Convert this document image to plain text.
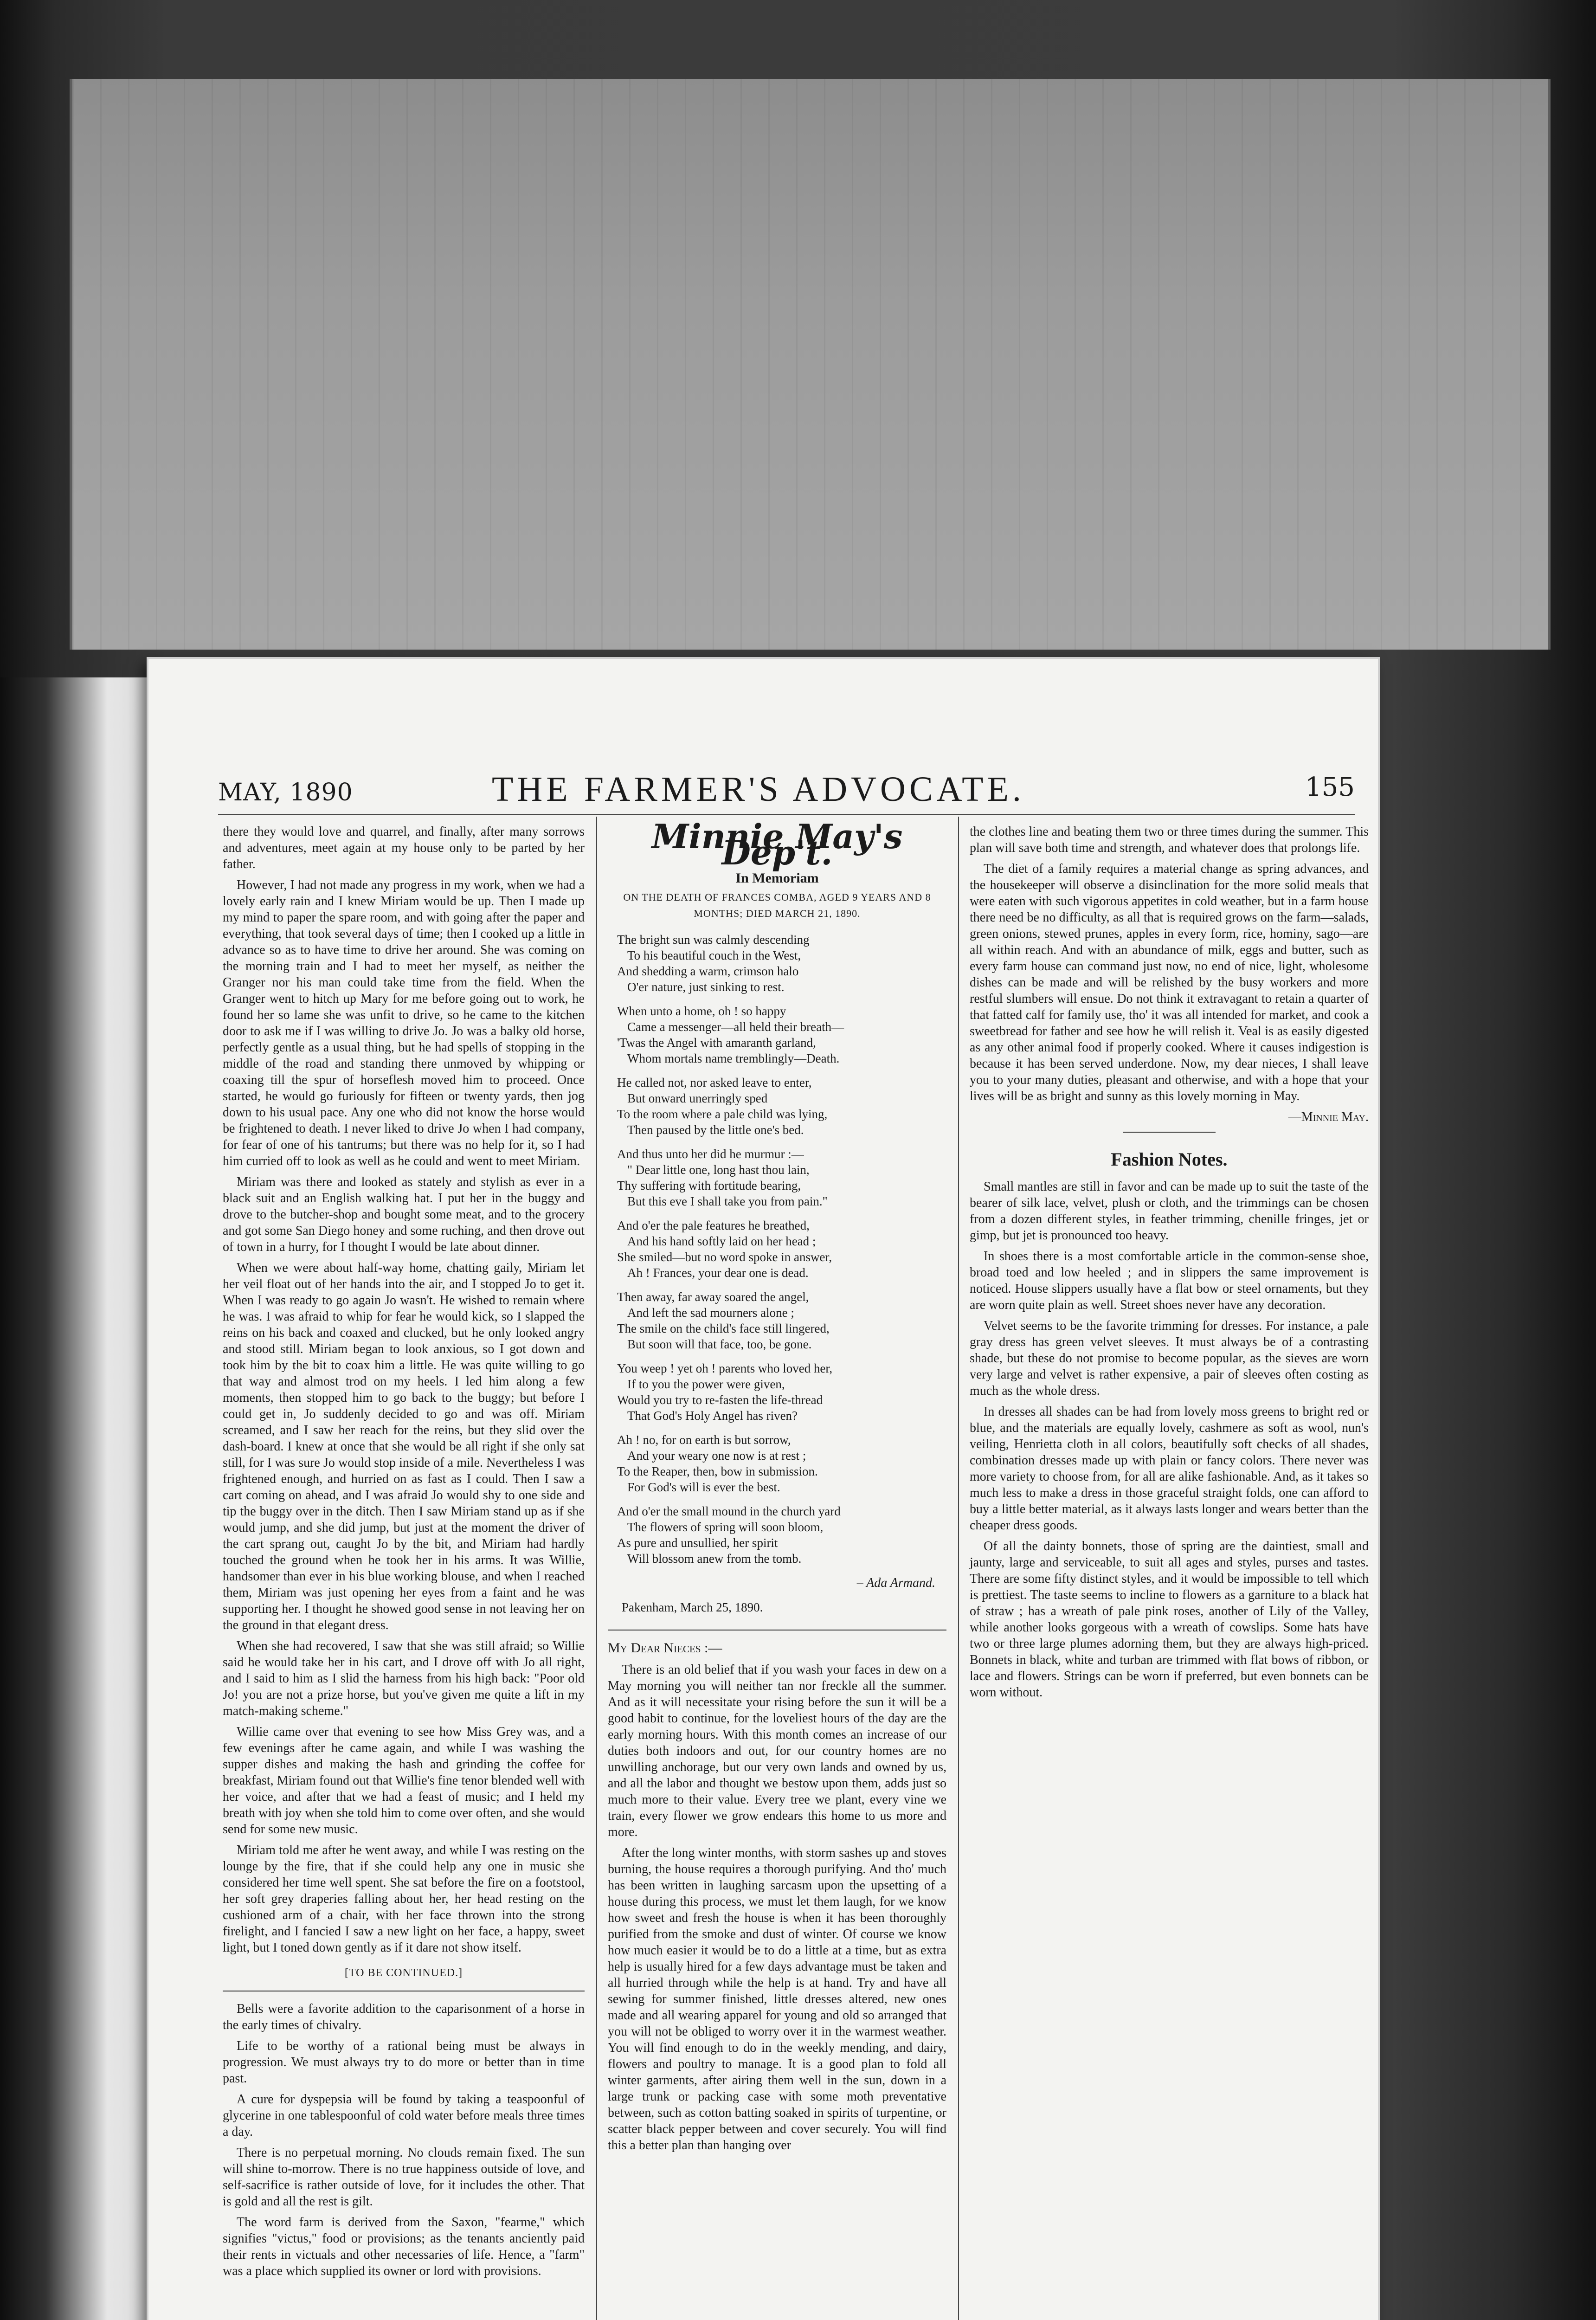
MAY, 1890	THE FARMER'S ADVOCATE.	155

there they would love and quarrel, and finally, after many sorrows and adventures, meet again at my house only to be parted by her father.

However, I had not made any progress in my work, when we had a lovely early rain and I knew Miriam would be up. Then I made up my mind to paper the spare room, and with going after the paper and everything, that took several days of time; then I cooked up a little in advance so as to have time to drive her around. She was coming on the morning train and I had to meet her myself, as neither the Granger nor his man could take time from the field. When the Granger went to hitch up Mary for me before going out to work, he found her so lame she was unfit to drive, so he came to the kitchen door to ask me if I was willing to drive Jo. Jo was a balky old horse, perfectly gentle as a usual thing, but he had spells of stopping in the middle of the road and standing there unmoved by whipping or coaxing till the spur of horseflesh moved him to proceed. Once started, he would go furiously for fifteen or twenty yards, then jog down to his usual pace. Any one who did not know the horse would be frightened to death. I never liked to drive Jo when I had company, for fear of one of his tantrums; but there was no help for it, so I had him curried off to look as well as he could and went to meet Miriam.

Miriam was there and looked as stately and stylish as ever in a black suit and an English walking hat. I put her in the buggy and drove to the butcher-shop and bought some meat, and to the grocery and got some San Diego honey and some ruching, and then drove out of town in a hurry, for I thought I would be late about dinner.

When we were about half-way home, chatting gaily, Miriam let her veil float out of her hands into the air, and I stopped Jo to get it. When I was ready to go again Jo wasn't. He wished to remain where he was. I was afraid to whip for fear he would kick, so I slapped the reins on his back and coaxed and clucked, but he only looked angry and stood still. Miriam began to look anxious, so I got down and took him by the bit to coax him a little. He was quite willing to go that way and almost trod on my heels. I led him along a few moments, then stopped him to go back to the buggy; but before I could get in, Jo suddenly decided to go and was off. Miriam screamed, and I saw her reach for the reins, but they slid over the dash-board. I knew at once that she would be all right if she only sat still, for I was sure Jo would stop inside of a mile. Nevertheless I was frightened enough, and hurried on as fast as I could. Then I saw a cart coming on ahead, and I was afraid Jo would shy to one side and tip the buggy over in the ditch. Then I saw Miriam stand up as if she would jump, and she did jump, but just at the moment the driver of the cart sprang out, caught Jo by the bit, and Miriam had hardly touched the ground when he took her in his arms. It was Willie, handsomer than ever in his blue working blouse, and when I reached them, Miriam was just opening her eyes from a faint and he was supporting her. I thought he showed good sense in not leaving her on the ground in that elegant dress.

When she had recovered, I saw that she was still afraid; so Willie said he would take her in his cart, and I drove off with Jo all right, and I said to him as I slid the harness from his high back: "Poor old Jo! you are not a prize horse, but you've given me quite a lift in my match-making scheme."

Willie came over that evening to see how Miss Grey was, and a few evenings after he came again, and while I was washing the supper dishes and making the hash and grinding the coffee for breakfast, Miriam found out that Willie's fine tenor blended well with her voice, and after that we had a feast of music; and I held my breath with joy when she told him to come over often, and she would send for some new music.

Miriam told me after he went away, and while I was resting on the lounge by the fire, that if she could help any one in music she considered her time well spent. She sat before the fire on a footstool, her soft grey draperies falling about her, her head resting on the cushioned arm of a chair, with her face thrown into the strong firelight, and I fancied I saw a new light on her face, a happy, sweet light, but I toned down gently as if it dare not show itself.

[TO BE CONTINUED.]

Bells were a favorite addition to the caparisonment of a horse in the early times of chivalry.

Life to be worthy of a rational being must be always in progression. We must always try to do more or better than in time past.

A cure for dyspepsia will be found by taking a teaspoonful of glycerine in one tablespoonful of cold water before meals three times a day.

There is no perpetual morning. No clouds remain fixed. The sun will shine to-morrow. There is no true happiness outside of love, and self-sacrifice is rather outside of love, for it includes the other. That is gold and all the rest is gilt.

The word farm is derived from the Saxon, "fearme," which signifies "victus," food or provisions; as the tenants anciently paid their rents in victuals and other necessaries of life. Hence, a "farm" was a place which supplied its owner or lord with provisions.

Minnie May's Dep't.
In Memoriam
ON THE DEATH OF FRANCES COMBA, AGED 9 YEARS AND 8 MONTHS; DIED MARCH 21, 1890.
The bright sun was calmly descending
To his beautiful couch in the West,
And shedding a warm, crimson halo
O'er nature, just sinking to rest.
When unto a home, oh ! so happy
Came a messenger—all held their breath—
'Twas the Angel with amaranth garland,
Whom mortals name tremblingly—Death.
He called not, nor asked leave to enter,
But onward unerringly sped
To the room where a pale child was lying,
Then paused by the little one's bed.
And thus unto her did he murmur :—
" Dear little one, long hast thou lain,
Thy suffering with fortitude bearing,
But this eve I shall take you from pain."
And o'er the pale features he breathed,
And his hand softly laid on her head ;
She smiled—but no word spoke in answer,
Ah ! Frances, your dear one is dead.
Then away, far away soared the angel,
And left the sad mourners alone ;
The smile on the child's face still lingered,
But soon will that face, too, be gone.
You weep ! yet oh ! parents who loved her,
If to you the power were given,
Would you try to re-fasten the life-thread
That God's Holy Angel has riven?
Ah ! no, for on earth is but sorrow,
And your weary one now is at rest ;
To the Reaper, then, bow in submission.
For God's will is ever the best.
And o'er the small mound in the church yard
The flowers of spring will soon bloom,
As pure and unsullied, her spirit
Will blossom anew from the tomb.
– Ada Armand.
Pakenham, March 25, 1890.
My Dear Nieces :—

There is an old belief that if you wash your faces in dew on a May morning you will neither tan nor freckle all the summer. And as it will necessitate your rising before the sun it will be a good habit to continue, for the loveliest hours of the day are the early morning hours. With this month comes an increase of our duties both indoors and out, for our country homes are no unwilling anchorage, but our very own lands and owned by us, and all the labor and thought we bestow upon them, adds just so much more to their value. Every tree we plant, every vine we train, every flower we grow endears this home to us more and more.

After the long winter months, with storm sashes up and stoves burning, the house requires a thorough purifying. And tho' much has been written in laughing sarcasm upon the upsetting of a house during this process, we must let them laugh, for we know how sweet and fresh the house is when it has been thoroughly purified from the smoke and dust of winter. Of course we know how much easier it would be to do a little at a time, but as extra help is usually hired for a few days advantage must be taken and all hurried through while the help is at hand. Try and have all sewing for summer finished, little dresses altered, new ones made and all wearing apparel for young and old so arranged that you will not be obliged to worry over it in the warmest weather. You will find enough to do in the weekly mending, and dairy, flowers and poultry to manage. It is a good plan to fold all winter garments, after airing them well in the sun, down in a large trunk or packing case with some moth preventative between, such as cotton batting soaked in spirits of turpentine, or scatter black pepper between and cover securely. You will find this a better plan than hanging over

the clothes line and beating them two or three times during the summer. This plan will save both time and strength, and whatever does that prolongs life.

The diet of a family requires a material change as spring advances, and the housekeeper will observe a disinclination for the more solid meals that were eaten with such vigorous appetites in cold weather, but in a farm house there need be no difficulty, as all that is required grows on the farm—salads, green onions, stewed prunes, apples in every form, rice, hominy, sago—are all within reach. And with an abundance of milk, eggs and butter, such as every farm house can command just now, no end of nice, light, wholesome dishes can be made and will be relished by the busy workers and more restful slumbers will ensue. Do not think it extravagant to retain a quarter of that fatted calf for family use, tho' it was all intended for market, and cook a sweetbread for father and see how he will relish it. Veal is as easily digested as any other animal food if properly cooked. Where it causes indigestion is because it has been served underdone. Now, my dear nieces, I shall leave you to your many duties, pleasant and otherwise, and with a hope that your lives will be as bright and sunny as this lovely morning in May.

—Minnie May.
Fashion Notes.

Small mantles are still in favor and can be made up to suit the taste of the bearer of silk lace, velvet, plush or cloth, and the trimmings can be chosen from a dozen different styles, in feather trimming, chenille fringes, jet or gimp, but jet is pronounced too heavy.

In shoes there is a most comfortable article in the common-sense shoe, broad toed and low heeled ; and in slippers the same improvement is noticed. House slippers usually have a flat bow or steel ornaments, but they are worn quite plain as well. Street shoes never have any decoration.

Velvet seems to be the favorite trimming for dresses. For instance, a pale gray dress has green velvet sleeves. It must always be of a contrasting shade, but these do not promise to become popular, as the sieves are worn very large and velvet is rather expensive, a pair of sleeves often costing as much as the whole dress.

In dresses all shades can be had from lovely moss greens to bright red or blue, and the materials are equally lovely, cashmere as soft as wool, nun's veiling, Henrietta cloth in all colors, beautifully soft checks of all shades, combination dresses made up with plain or fancy colors. There never was more variety to choose from, for all are alike fashionable. And, as it takes so much less to make a dress in those graceful straight folds, one can afford to buy a little better material, as it always lasts longer and wears better than the cheaper dress goods.

Of all the dainty bonnets, those of spring are the daintiest, small and jaunty, large and serviceable, to suit all ages and styles, purses and tastes. There are some fifty distinct styles, and it would be impossible to tell which is prettiest. The taste seems to incline to flowers as a garniture to a black hat of straw ; has a wreath of pale pink roses, another of Lily of the Valley, while another looks gorgeous with a wreath of cowslips. Some hats have two or three large plumes adorning them, but they are always high-priced. Bonnets in black, white and turban are trimmed with flat bows of ribbon, or lace and flowers. Strings can be worn if preferred, but even bonnets can be worn without.
